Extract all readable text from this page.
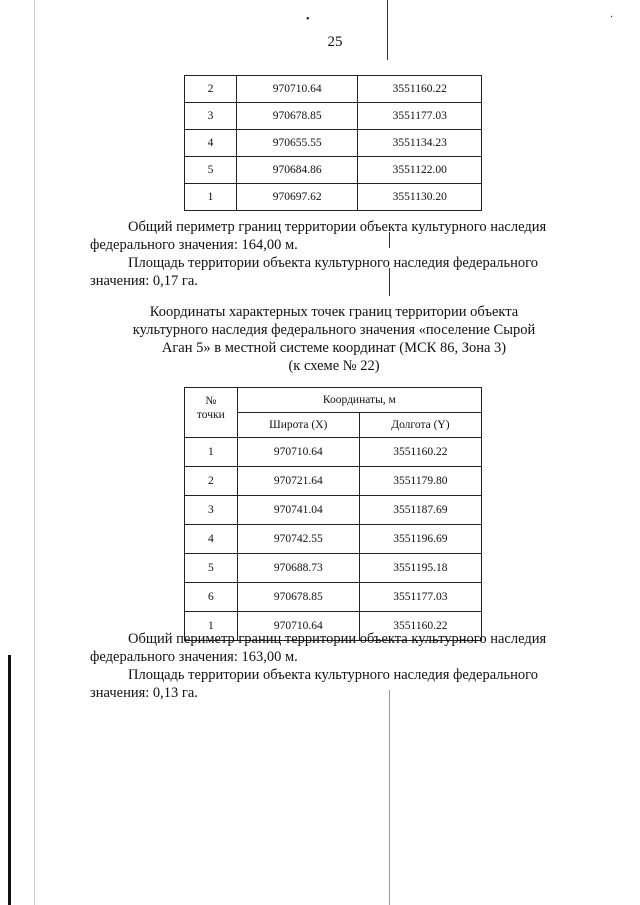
•	·
25
2	970710.64	3551160.22
3	970678.85	3551177.03
4	970655.55	3551134.23
5	970684.86	3551122.00
1	970697.62	3551130.20

Общий периметр границ территории объекта культурного наследия
федерального значения: 164,00 м.

Площадь территории объекта культурного наследия федерального
значения: 0,17 га.

Координаты характерных точек границ территории объекта
культурного наследия федерального значения «поселение Сырой
Аган 5» в местной системе координат (МСК 86, Зона 3)
(к схеме № 22)
№
точки	Координаты, м	
	Широта (X)	Долгота (Y)
1	970710.64	3551160.22
2	970721.64	3551179.80
3	970741.04	3551187.69
4	970742.55	3551196.69
5	970688.73	3551195.18
6	970678.85	3551177.03
1	970710.64	3551160.22

Общий периметр границ территории объекта культурного наследия
федерального значения: 163,00 м.

Площадь территории объекта культурного наследия федерального
значения: 0,13 га.
